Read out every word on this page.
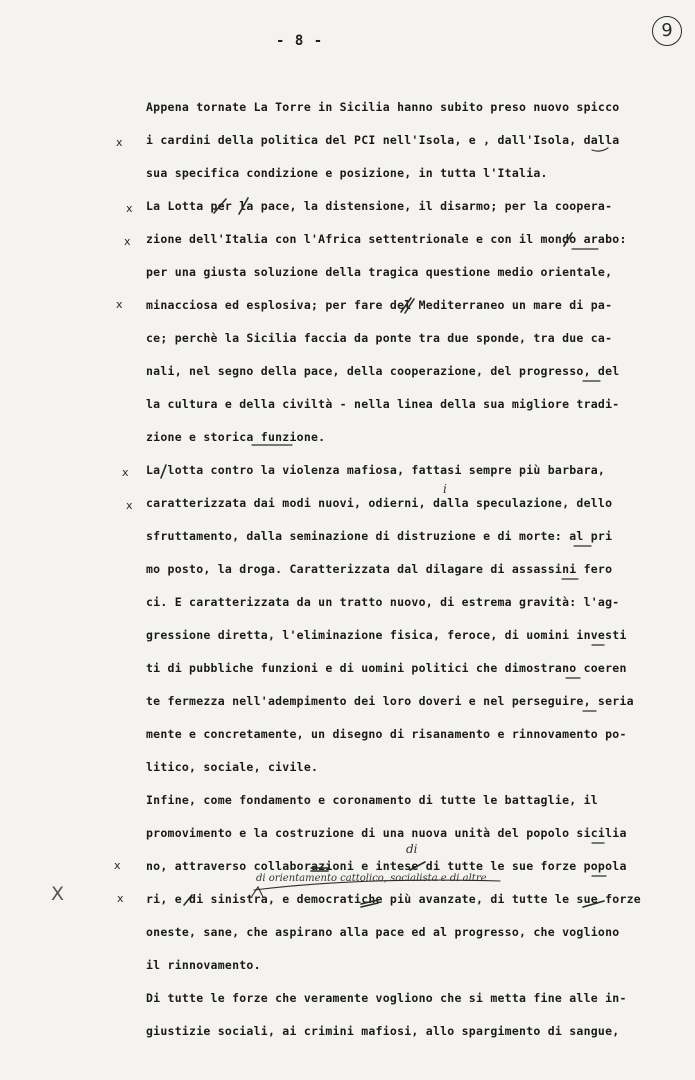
- 8 -	9
Appena tornate La Torre in Sicilia hanno subito preso nuovo spicco
i cardini della politica del PCI nell'Isola, e , dall'Isola, dalla
sua specifica condizione e posizione, in tutta l'Italia.
La Lotta per la pace, la distensione, il disarmo; per la coopera-
zione dell'Italia con l'Africa settentrionale e con il mondo arabo:
per una giusta soluzione della tragica questione medio orientale,
minacciosa ed esplosiva; per fare del Mediterraneo un mare di pa-
ce; perchè la Sicilia faccia da ponte tra due sponde, tra due ca-
nali, nel segno della pace, della cooperazione, del progresso, del
la cultura e della civiltà - nella linea della sua migliore tradi-
zione e storica funzione.
La lotta contro la violenza mafiosa, fattasi sempre più barbara,
caratterizzata dai modi nuovi, odierni, dalla speculazione, dello
sfruttamento, dalla seminazione di distruzione e di morte: al pri
mo posto, la droga. Caratterizzata dal dilagare di assassini fero
ci. E caratterizzata da un tratto nuovo, di estrema gravità: l'ag-
gressione diretta, l'eliminazione fisica, feroce, di uomini investi
ti di pubbliche funzioni e di uomini politici che dimostrano coeren
te fermezza nell'adempimento dei loro doveri e nel perseguire, seria
mente e concretamente, un disegno di risanamento e rinnovamento po-
litico, sociale, civile.
Infine, come fondamento e coronamento di tutte le battaglie, il
promovimento e la costruzione di una nuova unità del popolo sicilia
no, attraverso collaborazioni e intese di tutte le sue forze popola
ri, e di sinistra, e democratiche più avanzate, di tutte le sue forze
oneste, sane, che aspirano alla pace ed al progresso, che vogliono
il rinnovamento.
Di tutte le forze che veramente vogliono che si metta fine alle in-
giustizie sociali, ai crimini mafiosi, allo spargimento di sangue,
x
x
x
x
x
x
x
x
X
di
di orientamento cattolico, socialista e di altre
i
